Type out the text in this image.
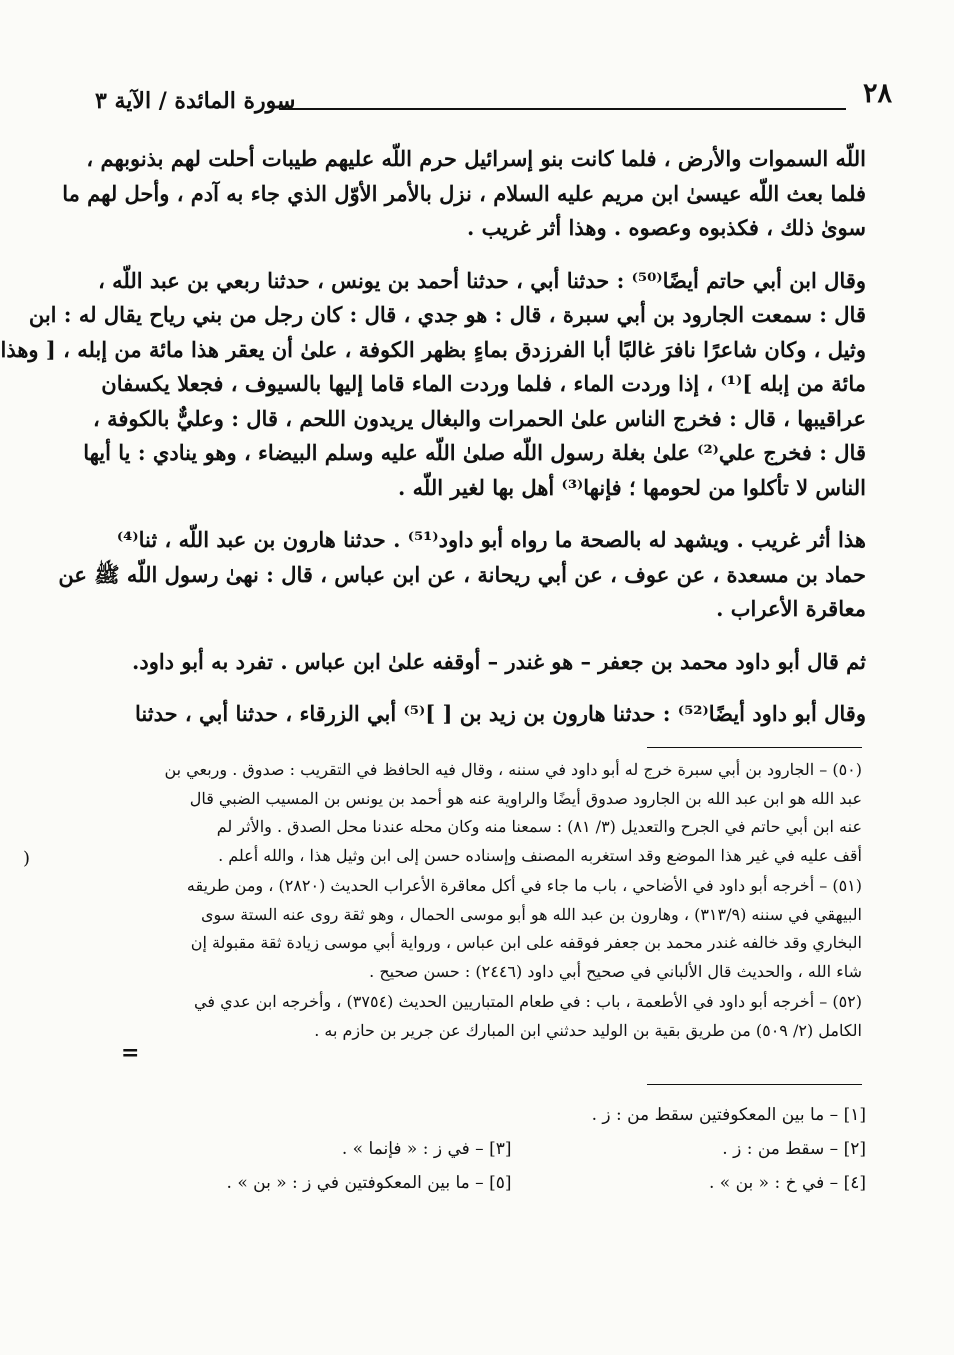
٢٨
سورة المائدة / الآية ٣

اللّه السموات والأرض ، فلما كانت بنو إسرائيل حرم اللّه عليهم طيبات أحلت لهم بذنوبهم ،
فلما بعث اللّه عيسىٰ ابن مريم عليه السلام ، نزل بالأمر الأوّل الذي جاء به آدم ، وأحل لهم ما
سوىٰ ذلك ، فكذبوه وعصوه . وهذا أثر غريب .

وقال ابن أبي حاتم أيضًا⁽⁵⁰⁾ : حدثنا أبي ، حدثنا أحمد بن يونس ، حدثنا ربعي بن عبد اللّه ،
قال : سمعت الجارود بن أبي سبرة ، قال : هو جدي ، قال : كان رجل من بني رياح يقال له : ابن
وثيل ، وكان شاعرًا نافرَ غالبًا أبا الفرزدق بماءٍ بظهر الكوفة ، علىٰ أن يعقر هذا مائة من إبله ، [ وهذا
مائة من إبله ]⁽¹⁾ ، إذا وردت الماء ، فلما وردت الماء قاما إليها بالسيوف ، فجعلا يكسفان
عراقيبها ، قال : فخرج الناس علىٰ الحمرات والبغال يريدون اللحم ، قال : وعليٌّ بالكوفة ،
قال : فخرج علي⁽²⁾ علىٰ بغلة رسول اللّه صلىٰ اللّه عليه وسلم البيضاء ، وهو ينادي : يا أيها
الناس لا تأكلوا من لحومها ؛ فإنها⁽³⁾ أهل بها لغير اللّه .

هذا أثر غريب . ويشهد له بالصحة ما رواه أبو داود⁽⁵¹⁾ . حدثنا هارون بن عبد اللّه ، ثنا⁽⁴⁾
حماد بن مسعدة ، عن عوف ، عن أبي ريحانة ، عن ابن عباس ، قال : نهىٰ رسول اللّه ﷺ عن
معاقرة الأعراب .

ثم قال أبو داود محمد بن جعفر – هو غندر – أوقفه علىٰ ابن عباس . تفرد به أبو داود.

وقال أبو داود أيضًا⁽⁵²⁾ : حدثنا هارون بن زيد بن [ ]⁽⁵⁾ أبي الزرقاء ، حدثنا أبي ، حدثنا

(٥٠) – الجارود بن أبي سبرة خرج له أبو داود في سننه ، وقال فيه الحافظ في التقريب : صدوق . وربعي بن
عبد الله هو ابن عبد الله بن الجارود صدوق أيضًا والراوية عنه هو أحمد بن يونس بن المسيب الضبي قال
عنه ابن أبي حاتم في الجرح والتعديل (٣/ ٨١) : سمعنا منه وكان محله عندنا محل الصدق . والأثر لم
أقف عليه في غير هذا الموضع وقد استغربه المصنف وإسناده حسن إلى ابن وثيل هذا ، والله أعلم .
(٥١) – أخرجه أبو داود في الأضاحي ، باب ما جاء في أكل معاقرة الأعراب الحديث (٢٨٢٠) ، ومن طريقه
البيهقي في سننه (٣١٣/٩) ، وهارون بن عبد الله هو أبو موسى الحمال ، وهو ثقة روى عنه الستة سوى
البخاري وقد خالفه غندر محمد بن جعفر فوقفه على ابن عباس ، ورواية أبي موسى زيادة ثقة مقبولة إن
شاء الله ، والحديث قال الألباني في صحيح أبي داود (٢٤٤٦) : حسن صحيح .
(٥٢) – أخرجه أبو داود في الأطعمة ، باب : في طعام المتباريين الحديث (٣٧٥٤) ، وأخرجه ابن عدي في
الكامل (٢/ ٥٠٩) من طريق بقية بن الوليد حدثني ابن المبارك عن جرير بن حازم به .
(
=
[١] – ما بين المعكوفتين سقط من : ز .
[٢] – سقط من : ز .
[٣] – في ز : « فإنما » .
[٤] – في خ : « بن » .
[٥] – ما بين المعكوفتين في ز : « بن » .
